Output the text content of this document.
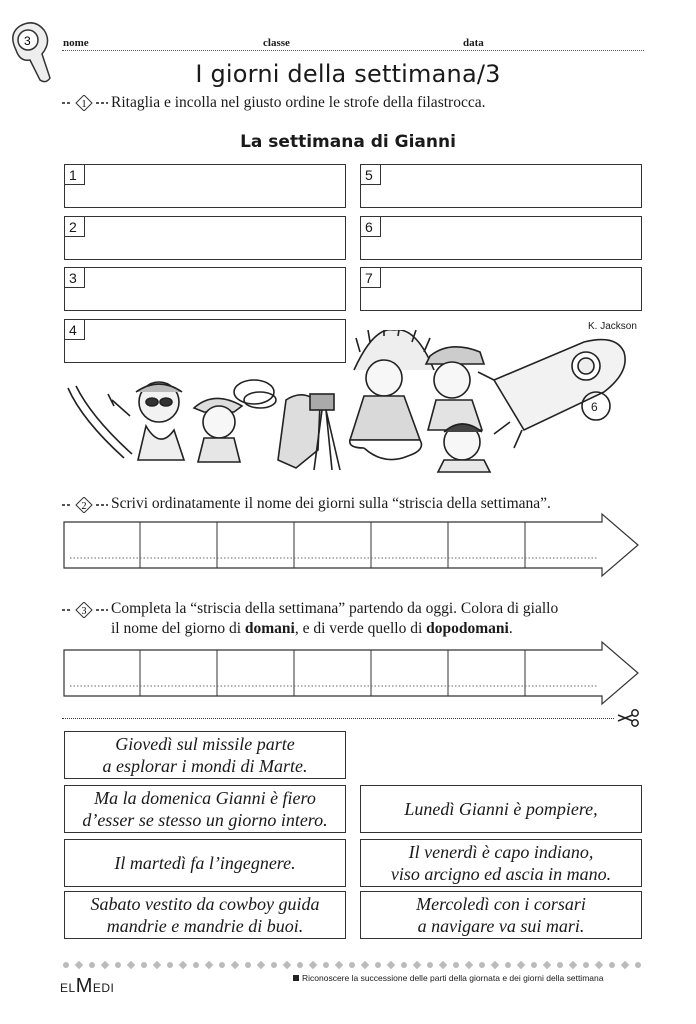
3	nome	classe	data
I giorni della settimana/3
1 Ritaglia e incolla nel giusto ordine le strofe della filastrocca.
La settimana di Gianni
1
2
3
4
5
6
7
K. Jackson
6
2 Scrivi ordinatamente il nome dei giorni sulla “striscia della settimana”.
3 Completa la “striscia della settimana” partendo da oggi. Colora di giallo
il nome del giorno di domani, e di verde quello di dopodomani.
Giovedì sul missile parte
a esplorar i mondi di Marte.
Ma la domenica Gianni è fiero
d’esser se stesso un giorno intero.
Lunedì Gianni è pompiere,
Il martedì fa l’ingegnere.
Il venerdì è capo indiano,
viso arcigno ed ascia in mano.
Sabato vestito da cowboy guida
mandrie e mandrie di buoi.
Mercoledì con i corsari
a navigare va sui mari.
ELMEDI
Riconoscere la successione delle parti della giornata e dei giorni della settimana
